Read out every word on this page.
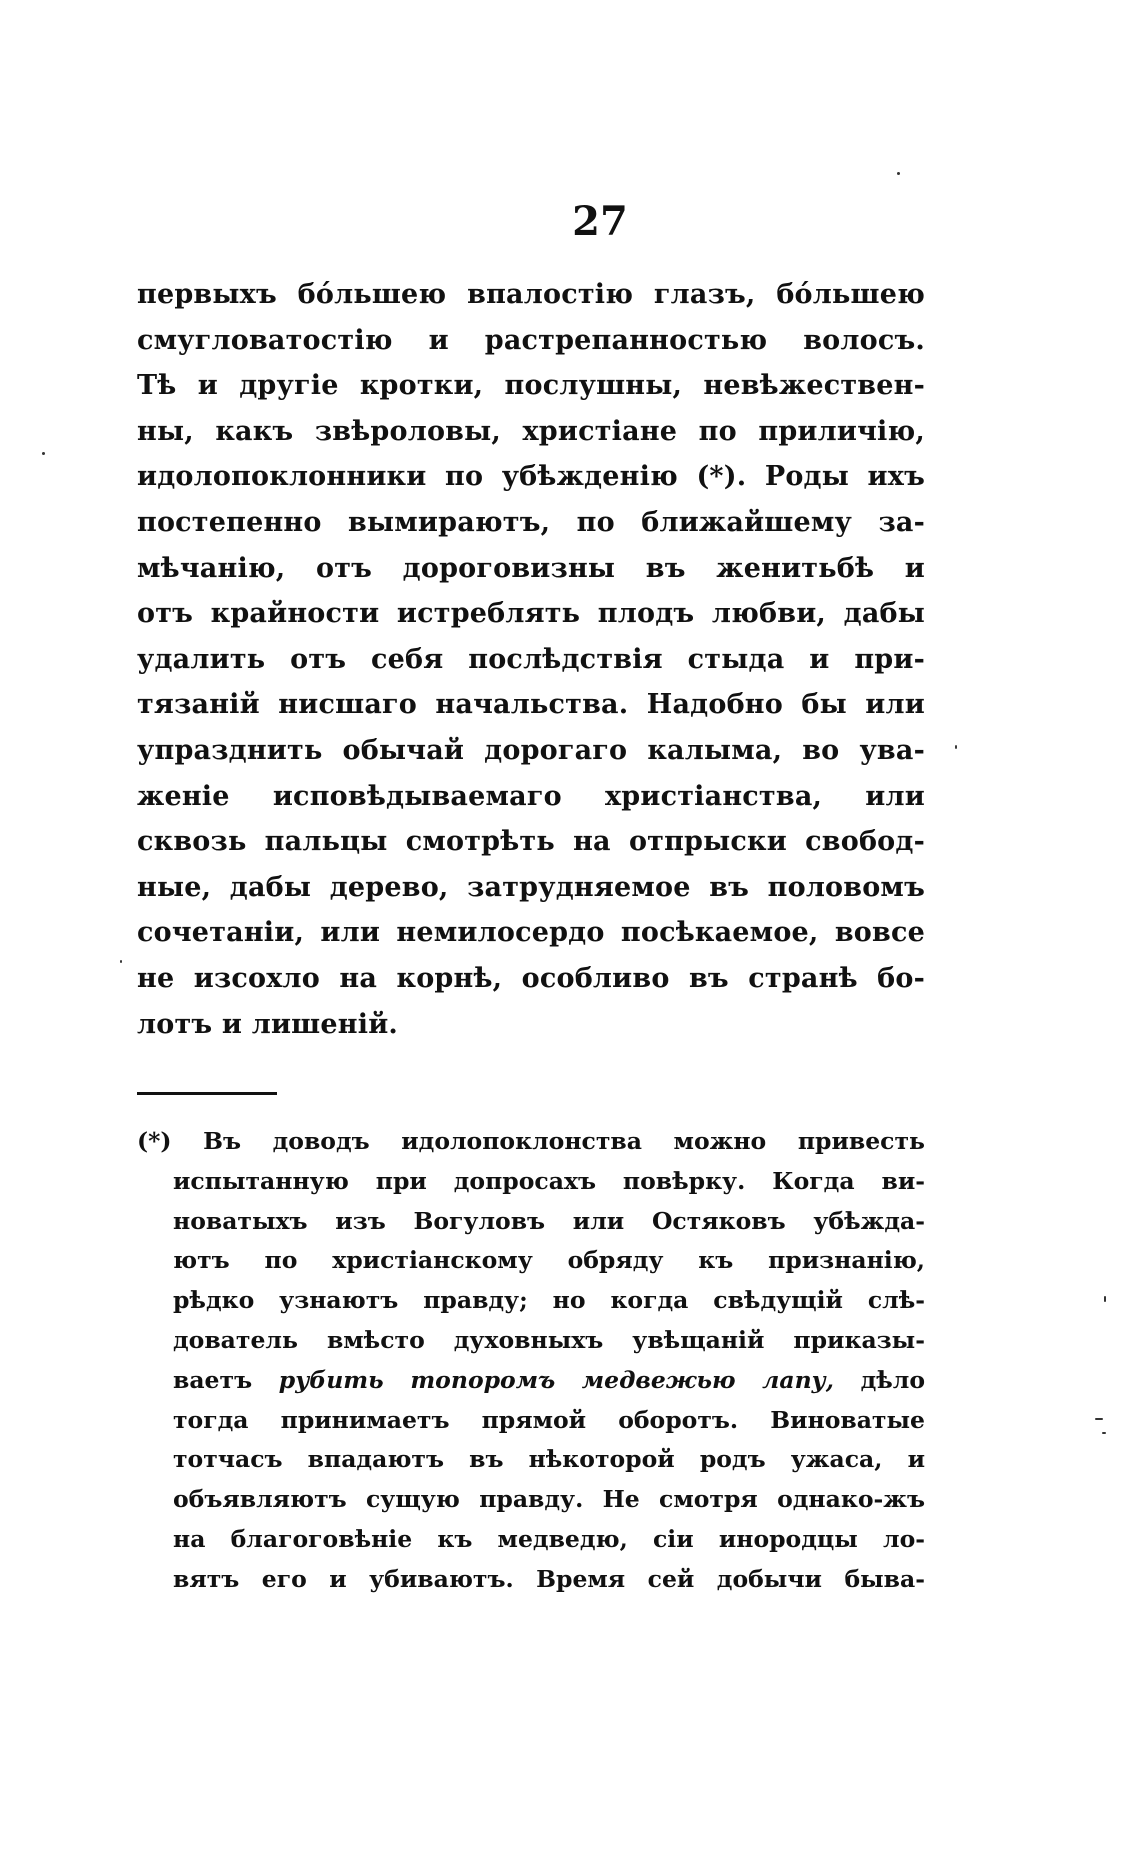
27
первыхъ бо́льшею впалостію глазъ, бо́льшею
смугловатостію и растрепанностью волосъ.
Тѣ и другіе кротки, послушны, невѣжествен-
ны, какъ звѣроловы, христіане по приличію,
идолопоклонники по убѣжденію (*). Роды ихъ
постепенно вымираютъ, по ближайшему за-
мѣчанію, отъ дороговизны въ женитьбѣ и
отъ крайности истреблять плодъ любви, дабы
удалить отъ себя послѣдствія стыда и при-
тязаній нисшаго начальства. Надобно бы или
упразднить обычай дорогаго калыма, во ува-
женіе исповѣдываемаго христіанства, или
сквозь пальцы смотрѣть на отпрыски свобод-
ные, дабы дерево, затрудняемое въ половомъ
сочетаніи, или немилосердо посѣкаемое, вовсе
не изсохло на корнѣ, особливо въ странѣ бо-
лотъ и лишеній.
(*) Въ доводъ идолопоклонства можно привесть
испытанную при допросахъ повѣрку. Когда ви-
новатыхъ изъ Вогуловъ или Остяковъ убѣжда-
ютъ по христіанскому обряду къ признанію,
рѣдко узнаютъ правду; но когда свѣдущій слѣ-
дователь вмѣсто духовныхъ увѣщаній приказы-
ваетъ рубить топоромъ медвежью лапу, дѣло
тогда принимаетъ прямой оборотъ. Виноватые
тотчасъ впадаютъ въ нѣкоторой родъ ужаса, и
объявляютъ сущую правду. Не смотря однако-жъ
на благоговѣніе къ медведю, сіи инородцы ло-
вятъ его и убиваютъ. Время сей добычи быва-
